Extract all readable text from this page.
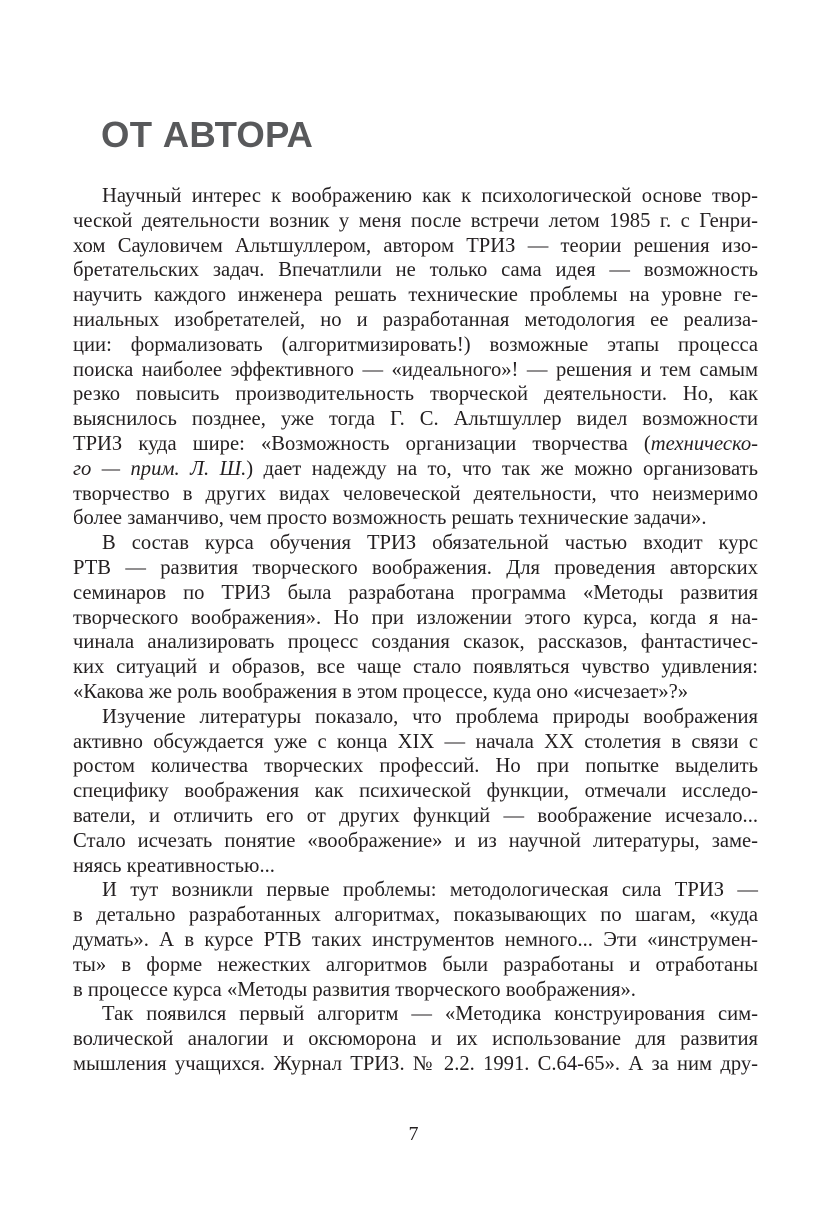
ОТ АВТОРА
Научный интерес к воображению как к психологической основе твор-
ческой деятельности возник у меня после встречи летом 1985 г. с Генри-
хом Сауловичем Альтшуллером, автором ТРИЗ — теории решения изо-
бретательских задач. Впечатлили не только сама идея — возможность
научить каждого инженера решать технические проблемы на уровне ге-
ниальных изобретателей, но и разработанная методология ее реализа-
ции: формализовать (алгоритмизировать!) возможные этапы процесса
поиска наиболее эффективного — «идеального»! — решения и тем самым
резко повысить производительность творческой деятельности. Но, как
выяснилось позднее, уже тогда Г. С. Альтшуллер видел возможности
ТРИЗ куда шире: «Возможность организации творчества (техническо-
го — прим. Л. Ш.) дает надежду на то, что так же можно организовать
творчество в других видах человеческой деятельности, что неизмеримо
более заманчиво, чем просто возможность решать технические задачи».
В состав курса обучения ТРИЗ обязательной частью входит курс
РТВ — развития творческого воображения. Для проведения авторских
семинаров по ТРИЗ была разработана программа «Методы развития
творческого воображения». Но при изложении этого курса, когда я на-
чинала анализировать процесс создания сказок, рассказов, фантастичес-
ких ситуаций и образов, все чаще стало появляться чувство удивления:
«Какова же роль воображения в этом процессе, куда оно «исчезает»?»
Изучение литературы показало, что проблема природы воображения
активно обсуждается уже с конца XIX — начала XX столетия в связи с
ростом количества творческих профессий. Но при попытке выделить
специфику воображения как психической функции, отмечали исследо-
ватели, и отличить его от других функций — воображение исчезало...
Стало исчезать понятие «воображение» и из научной литературы, заме-
няясь креативностью...
И тут возникли первые проблемы: методологическая сила ТРИЗ —
в детально разработанных алгоритмах, показывающих по шагам, «куда
думать». А в курсе РТВ таких инструментов немного... Эти «инструмен-
ты» в форме нежестких алгоритмов были разработаны и отработаны
в процессе курса «Методы развития творческого воображения».
Так появился первый алгоритм — «Методика конструирования сим-
волической аналогии и оксюморона и их использование для развития
мышления учащихся. Журнал ТРИЗ. № 2.2. 1991. С.64-65». А за ним дру-
7
